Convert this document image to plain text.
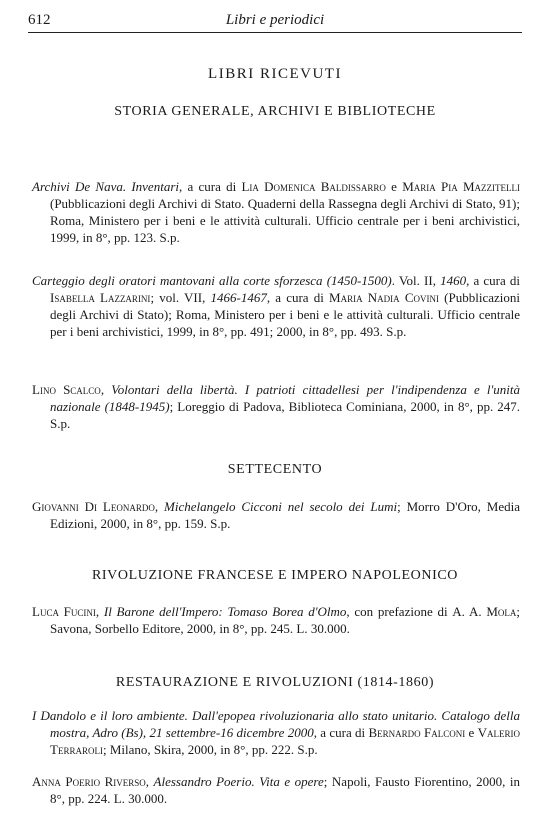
612	Libri e periodici
LIBRI RICEVUTI
STORIA GENERALE, ARCHIVI E BIBLIOTECHE

Archivi De Nava. Inventari, a cura di Lia Domenica Baldissarro e Maria Pia Mazzitelli (Pubblicazioni degli Archivi di Stato. Quaderni della Rassegna degli Archivi di Stato, 91); Roma, Ministero per i beni e le attività culturali. Ufficio centrale per i beni archivistici, 1999, in 8°, pp. 123. S.p.

Carteggio degli oratori mantovani alla corte sforzesca (1450-1500). Vol. II, 1460, a cura di Isabella Lazzarini; vol. VII, 1466-1467, a cura di Maria Nadia Covini (Pubblicazioni degli Archivi di Stato); Roma, Ministero per i beni e le attività culturali. Ufficio centrale per i beni archivistici, 1999, in 8°, pp. 491; 2000, in 8°, pp. 493. S.p.

Lino Scalco, Volontari della libertà. I patrioti cittadellesi per l'indipendenza e l'unità nazionale (1848-1945); Loreggio di Padova, Biblioteca Cominiana, 2000, in 8°, pp. 247. S.p.

SETTECENTO

Giovanni Di Leonardo, Michelangelo Cicconi nel secolo dei Lumi; Morro D'Oro, Media Edizioni, 2000, in 8°, pp. 159. S.p.

RIVOLUZIONE FRANCESE E IMPERO NAPOLEONICO

Luca Fucini, Il Barone dell'Impero: Tomaso Borea d'Olmo, con prefazione di A. A. Mola; Savona, Sorbello Editore, 2000, in 8°, pp. 245. L. 30.000.

RESTAURAZIONE E RIVOLUZIONI (1814-1860)

I Dandolo e il loro ambiente. Dall'epopea rivoluzionaria allo stato unitario. Catalogo della mostra, Adro (Bs), 21 settembre-16 dicembre 2000, a cura di Bernardo Falconi e Valerio Terraroli; Milano, Skira, 2000, in 8°, pp. 222. S.p.

Anna Poerio Riverso, Alessandro Poerio. Vita e opere; Napoli, Fausto Fiorentino, 2000, in 8°, pp. 224. L. 30.000.
